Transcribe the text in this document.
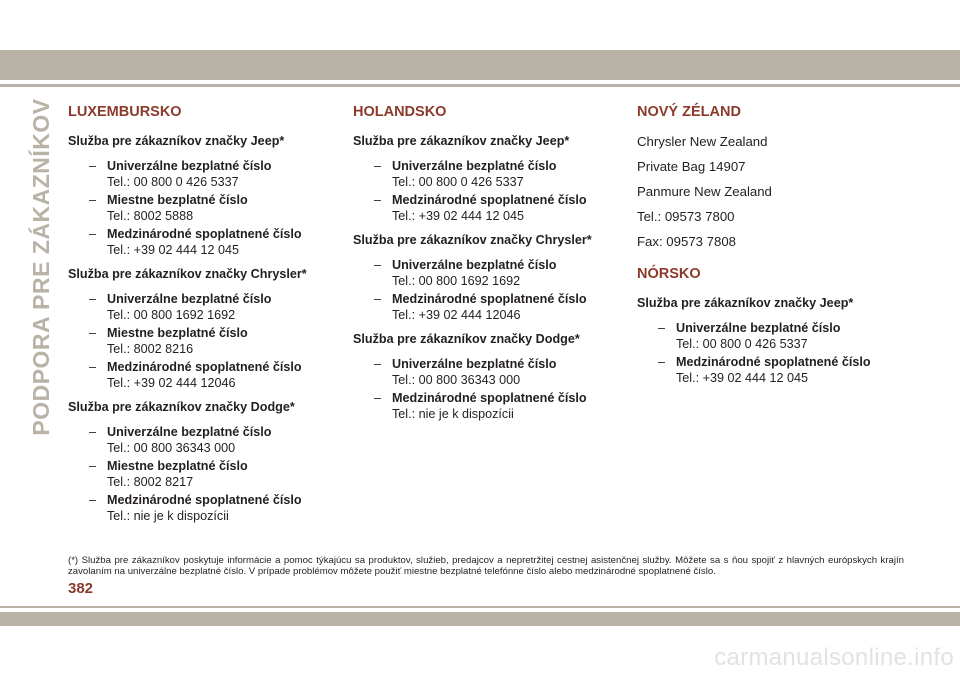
PODPORA PRE ZÁKAZNÍKOV LUXEMBURSKO
Služba pre zákazníkov značky Jeep*
– Univerzálne bezplatné číslo
Tel.: 00 800 0 426 5337
– Miestne bezplatné číslo
Tel.: 8002 5888
– Medzinárodné spoplatnené číslo
Tel.: +39 02 444 12 045
Služba pre zákazníkov značky Chrysler*
– Univerzálne bezplatné číslo
Tel.: 00 800 1692 1692
– Miestne bezplatné číslo
Tel.: 8002 8216
– Medzinárodné spoplatnené číslo
Tel.: +39 02 444 12046
Služba pre zákazníkov značky Dodge*
– Univerzálne bezplatné číslo
Tel.: 00 800 36343 000
– Miestne bezplatné číslo
Tel.: 8002 8217
– Medzinárodné spoplatnené číslo
Tel.: nie je k dispozícii
HOLANDSKO
Služba pre zákazníkov značky Jeep*
– Univerzálne bezplatné číslo
Tel.: 00 800 0 426 5337
– Medzinárodné spoplatnené číslo
Tel.: +39 02 444 12 045
Služba pre zákazníkov značky Chrysler*
– Univerzálne bezplatné číslo
Tel.: 00 800 1692 1692
– Medzinárodné spoplatnené číslo
Tel.: +39 02 444 12046
Služba pre zákazníkov značky Dodge*
– Univerzálne bezplatné číslo
Tel.: 00 800 36343 000
– Medzinárodné spoplatnené číslo
Tel.: nie je k dispozícii
NOVÝ ZÉLAND
Chrysler New Zealand
Private Bag 14907
Panmure New Zealand
Tel.: 09573 7800
Fax: 09573 7808
NÓRSKO
Služba pre zákazníkov značky Jeep*
– Univerzálne bezplatné číslo
Tel.: 00 800 0 426 5337
– Medzinárodné spoplatnené číslo
Tel.: +39 02 444 12 045
(*) Služba pre zákazníkov poskytuje informácie a pomoc týkajúcu sa produktov, služieb, predajcov a nepretržitej cestnej asistenčnej služby. Môžete sa s ňou spojiť z hlavných európskych krajín zavolaním na univerzálne bezplatné číslo. V prípade problémov môžete použiť miestne bezplatné telefónne číslo alebo medzinárodné spoplatnené číslo.
382
carmanualsonline.info
